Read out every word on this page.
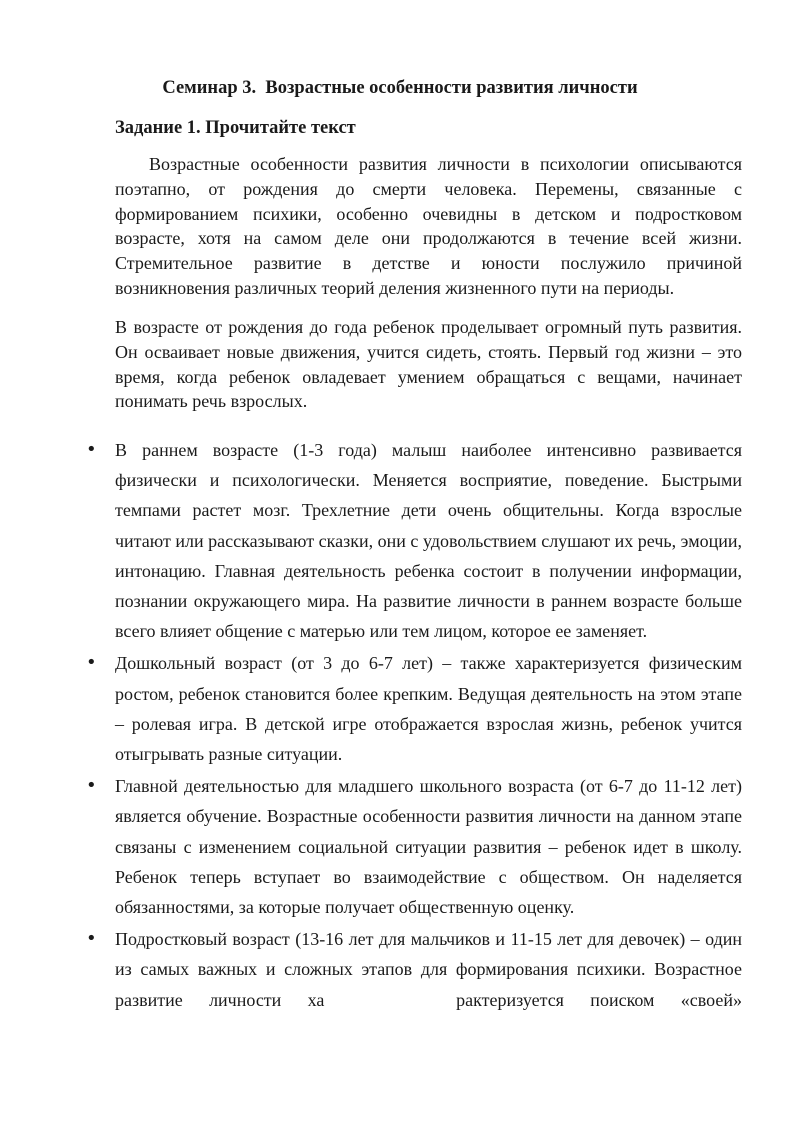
Семинар 3.  Возрастные особенности развития личности
Задание 1. Прочитайте текст

Возрастные особенности развития личности в психологии описываются поэтапно, от рождения до смерти человека. Перемены, связанные с формированием психики, особенно очевидны в детском и подростковом возрасте, хотя на самом деле они продолжаются в течение всей жизни. Стремительное развитие в детстве и юности послужило причиной возникновения различных теорий деления жизненного пути на периоды.

В возрасте от рождения до года ребенок проделывает огромный путь развития. Он осваивает новые движения, учится сидеть, стоять. Первый год жизни – это время, когда ребенок овладевает умением обращаться с вещами, начинает понимать речь взрослых.

• В раннем возрасте (1-3 года) малыш наиболее интенсивно развивается физически и психологически. Меняется восприятие, поведение. Быстрыми темпами растет мозг. Трехлетние дети очень общительны. Когда взрослые читают или рассказывают сказки, они с удовольствием слушают их речь, эмоции, интонацию. Главная деятельность ребенка состоит в получении информации, познании окружающего мира. На развитие личности в раннем возрасте больше всего влияет общение с матерью или тем лицом, которое ее заменяет.
• Дошкольный возраст (от 3 до 6-7 лет) – также характеризуется физическим ростом, ребенок становится более крепким. Ведущая деятельность на этом этапе – ролевая игра. В детской игре отображается взрослая жизнь, ребенок учится отыгрывать разные ситуации.
• Главной деятельностью для младшего школьного возраста (от 6-7 до 11-12 лет) является обучение. Возрастные особенности развития личности на данном этапе связаны с изменением социальной ситуации развития – ребенок идет в школу. Ребенок теперь вступает во взаимодействие с обществом. Он наделяется обязанностями, за которые получает общественную оценку.
• Подростковый возраст (13-16 лет для мальчиков и 11-15 лет для девочек) – один из самых важных и сложных этапов для формирования психики. Возрастное развитие личности ха     рактеризуется поиском «своей»
